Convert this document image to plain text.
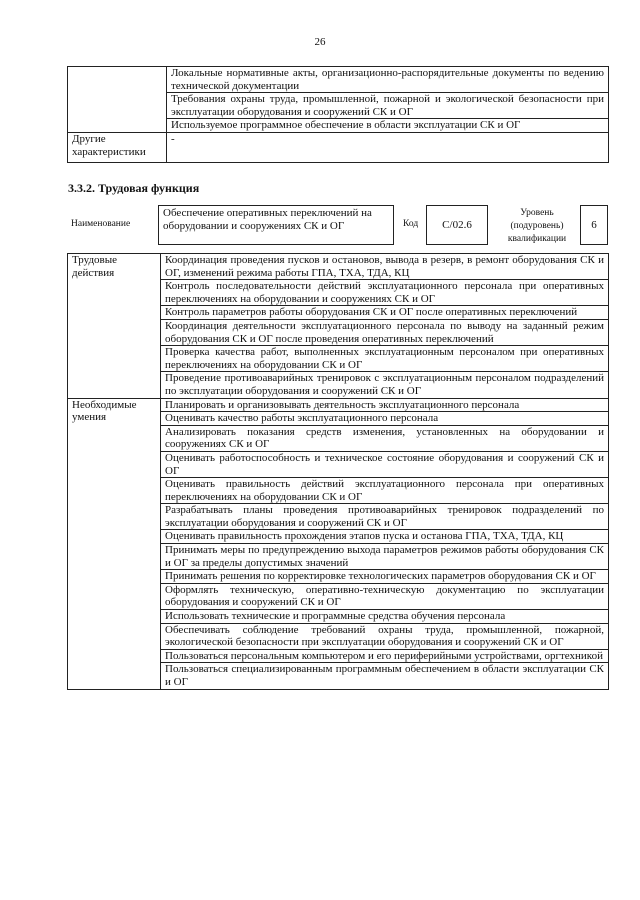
26
	Локальные нормативные акты, организационно-распорядительные документы по ведению технической документации
	Требования охраны труда, промышленной, пожарной и экологической безопасности при эксплуатации оборудования и сооружений СК и ОГ
	Используемое программное обеспечение в области эксплуатации СК и ОГ
Другие характеристики	-
3.3.2. Трудовая функция
Наименование
Обеспечение оперативных переключений на оборудовании и сооружениях СК и ОГ	Код	C/02.6
Уровень (подуровень) квалификации
6
Трудовые действия	Координация проведения пусков и остановов, вывода в резерв, в ремонт оборудования СК и ОГ, изменений режима работы ГПА, ТХА, ТДА, КЦ
	Контроль последовательности действий эксплуатационного персонала при оперативных переключениях на оборудовании и сооружениях СК и ОГ
	Контроль параметров работы оборудования СК и ОГ после оперативных переключений
	Координация деятельности эксплуатационного персонала по выводу на заданный режим оборудования СК и ОГ после проведения оперативных переключений
	Проверка качества работ, выполненных эксплуатационным персоналом при оперативных переключениях на оборудовании СК и ОГ
	Проведение противоаварийных тренировок с эксплуатационным персоналом подразделений по эксплуатации оборудования и сооружений СК и ОГ
Необходимые умения	Планировать и организовывать деятельность эксплуатационного персонала
	Оценивать качество работы эксплуатационного персонала
	Анализировать показания средств изменения, установленных на оборудовании и сооружениях СК и ОГ
	Оценивать работоспособность и техническое состояние оборудования и сооружений СК и ОГ
	Оценивать правильность действий эксплуатационного персонала при оперативных переключениях на оборудовании СК и ОГ
	Разрабатывать планы проведения противоаварийных тренировок подразделений по эксплуатации оборудования и сооружений СК и ОГ
	Оценивать правильность прохождения этапов пуска и останова ГПА, ТХА, ТДА, КЦ
	Принимать меры по предупреждению выхода параметров режимов работы оборудования СК и ОГ за пределы допустимых значений
	Принимать решения по корректировке технологических параметров оборудования СК и ОГ
	Оформлять техническую, оперативно-техническую документацию по эксплуатации оборудования и сооружений СК и ОГ
	Использовать технические и программные средства обучения персонала
	Обеспечивать соблюдение требований охраны труда, промышленной, пожарной, экологической безопасности при эксплуатации оборудования и сооружений СК и ОГ
	Пользоваться персональным компьютером и его периферийными устройствами, оргтехникой
	Пользоваться специализированным программным обеспечением в области эксплуатации СК и ОГ
